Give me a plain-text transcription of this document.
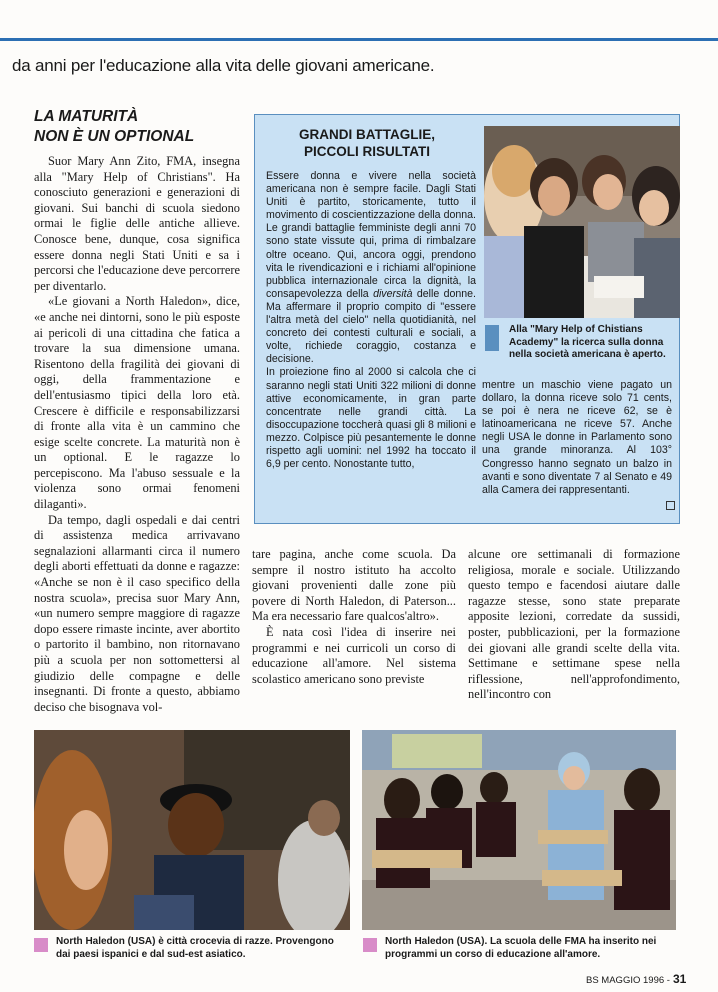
da anni per l'educazione alla vita delle giovani americane.
LA MATURITÀ
NON È UN OPTIONAL

Suor Mary Ann Zito, FMA, insegna alla "Mary Help of Christians". Ha conosciuto generazioni e generazioni di giovani. Sui banchi di scuola siedono ormai le figlie delle antiche allieve. Conosce bene, dunque, cosa significa essere donna negli Stati Uniti e sa i percorsi che l'educazione deve percorrere per diventarlo.

«Le giovani a North Haledon», dice, «e anche nei dintorni, sono le più esposte ai pericoli di una cittadina che fatica a trovare la sua dimensione umana. Risentono della fragilità dei giovani di oggi, della frammentazione e dell'entusiasmo tipici della loro età. Crescere è difficile e responsabilizzarsi di fronte alla vita è un cammino che esige scelte concrete. La maturità non è un optional. E le ragazze lo percepiscono. Ma l'abuso sessuale e la violenza sono ormai fenomeni dilaganti».

Da tempo, dagli ospedali e dai centri di assistenza medica arrivavano segnalazioni allarmanti circa il numero degli aborti effettuati da donne e ragazze: «Anche se non è il caso specifico della nostra scuola», precisa suor Mary Ann, «un numero sempre maggiore di ragazze dopo essere rimaste incinte, aver abortito o partorito il bambino, non ritornavano più a scuola per non sottomettersi al giudizio delle compagne e delle insegnanti. Di fronte a questo, abbiamo deciso che bisognava vol-

tare pagina, anche come scuola. Da sempre il nostro istituto ha accolto giovani provenienti dalle zone più povere di North Haledon, di Paterson... Ma era necessario fare qualcos'altro».

È nata così l'idea di inserire nei programmi e nei curricoli un corso di educazione all'amore. Nel sistema scolastico americano sono previste

alcune ore settimanali di formazione religiosa, morale e sociale. Utilizzando questo tempo e facendosi aiutare dalle ragazze stesse, sono state preparate apposite lezioni, corredate da sussidi, poster, pubblicazioni, per la formazione dei giovani alle grandi scelte della vita. Settimane e settimane spese nella riflessione, nell'approfondimento, nell'incontro con

GRANDI BATTAGLIE,
PICCOLI RISULTATI
Essere donna e vivere nella società americana non è sempre facile. Dagli Stati Uniti è partito, storicamente, tutto il movimento di coscientizzazione della donna. Le grandi battaglie femministe degli anni 70 sono state vissute qui, prima di rimbalzare oltre oceano. Qui, ancora oggi, prendono vita le rivendicazioni e i richiami all'opinione pubblica internazionale circa la dignità, la consapevolezza della diversità delle donne. Ma affermare il proprio compito di "essere l'altra metà del cielo" nella quotidianità, nel concreto dei contesti culturali e sociali, a volte, richiede coraggio, costanza e decisione.
In proiezione fino al 2000 si calcola che ci saranno negli stati Uniti 322 milioni di donne attive economicamente, in gran parte concentrate nelle grandi città. La disoccupazione toccherà quasi gli 8 milioni e mezzo. Colpisce più pesantemente le donne rispetto agli uomini: nel 1992 ha toccato il 6,9 per cento. Nonostante tutto,
mentre un maschio viene pagato un dollaro, la donna riceve solo 71 cents, se poi è nera ne riceve 62, se è latinoamericana ne riceve 57. Anche negli USA le donne in Parlamento sono una grande minoranza. Al 103° Congresso hanno segnato un balzo in avanti e sono diventate 7 al Senato e 49 alla Camera dei rappresentanti.
Alla "Mary Help of Chistians Academy" la ricerca sulla donna nella società americana è aperto.
North Haledon (USA) è città crocevia di razze. Provengono dai paesi ispanici e dal sud-est asiatico.
North Haledon (USA). La scuola delle FMA ha inserito nei programmi un corso di educazione all'amore.
BS MAGGIO 1996 - 31
